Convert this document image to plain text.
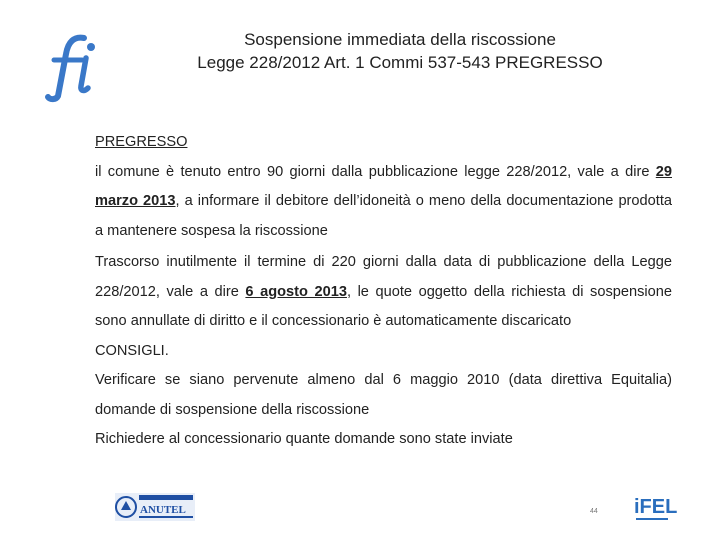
Sospensione immediata della riscossione
Legge 228/2012 Art. 1 Commi 537-543 PREGRESSO
PREGRESSO
il comune è tenuto entro 90 giorni dalla pubblicazione legge 228/2012, vale a dire 29 marzo 2013, a informare il debitore dell’idoneità o meno della documentazione prodotta a mantenere sospesa la riscossione
Trascorso inutilmente il termine di 220 giorni dalla data di pubblicazione della Legge 228/2012, vale a dire 6 agosto 2013, le quote oggetto della richiesta di sospensione sono annullate di diritto e il concessionario è automaticamente discaricato
CONSIGLI.
Verificare se siano pervenute almeno dal 6 maggio 2010 (data direttiva Equitalia) domande di sospensione della riscossione
Richiedere al concessionario quante domande sono state inviate
ANUTEL	44 iFEL
